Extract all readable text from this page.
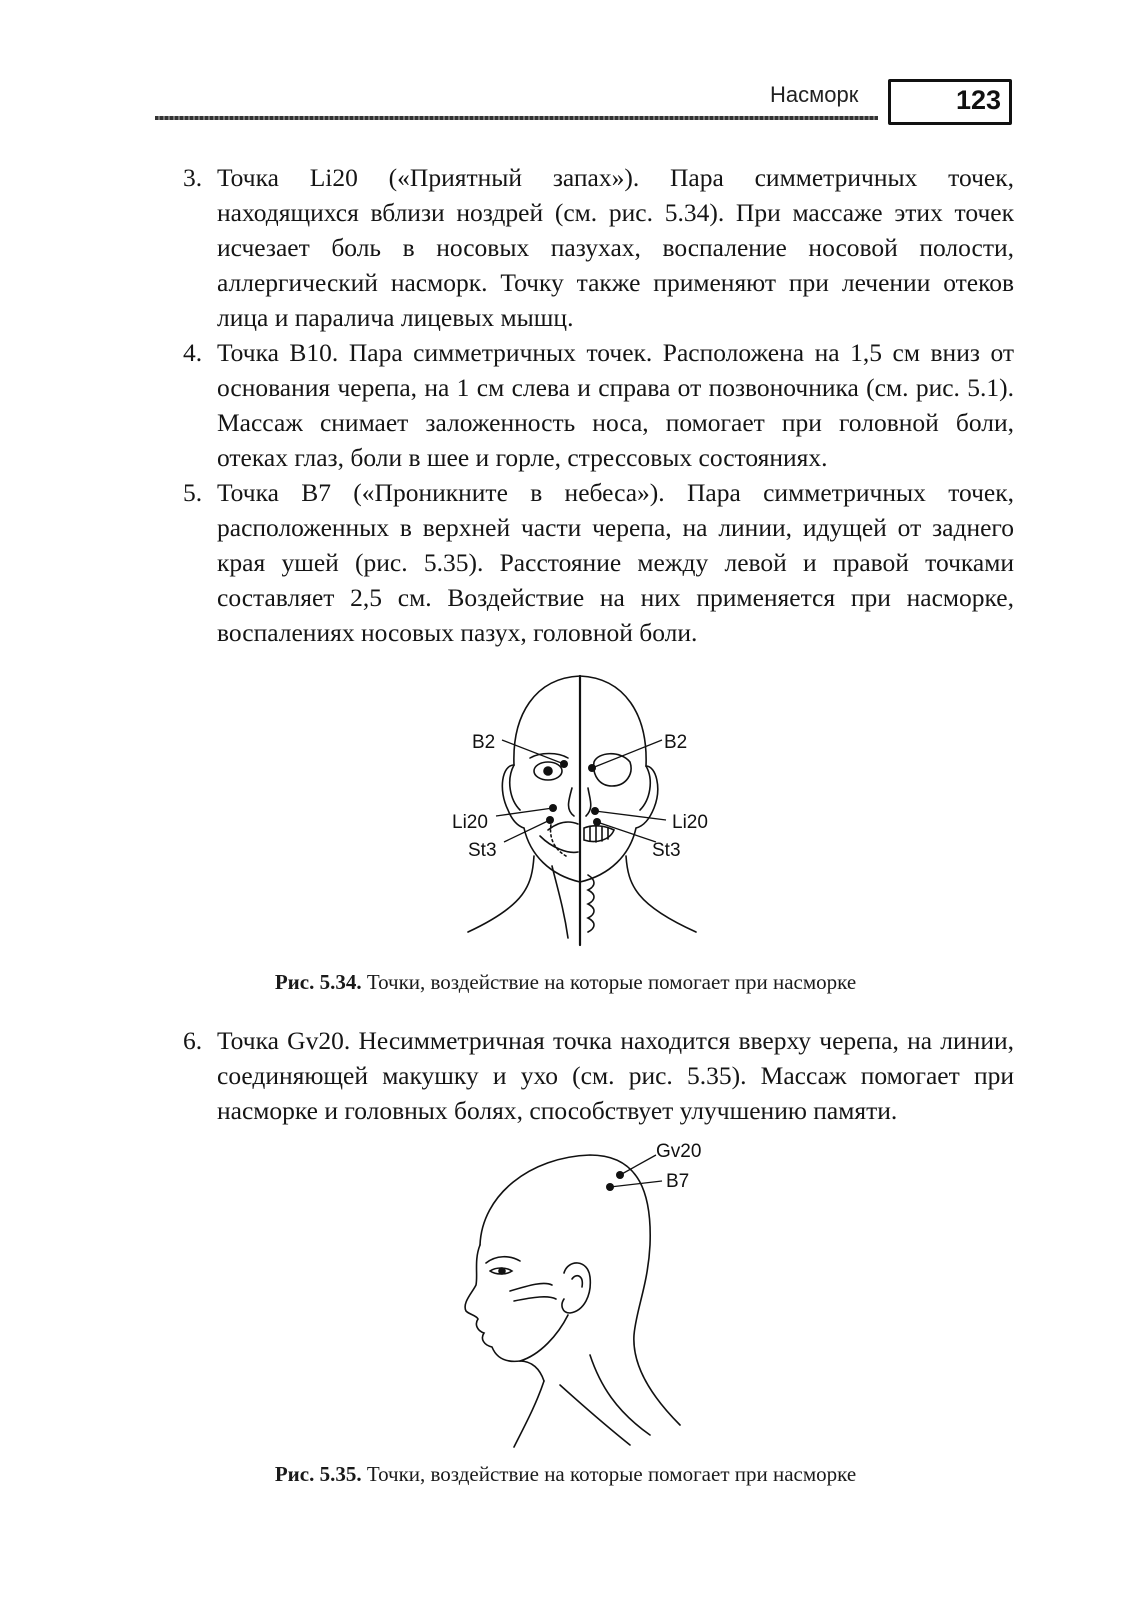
Насморк	123
3. Точка Li20 («Приятный запах»). Пара симметричных точек, находящихся вблизи ноздрей (см. рис. 5.34). При массаже этих точек исчезает боль в носовых пазухах, воспаление носовой полости, аллергический насморк. Точку также применяют при лечении отеков лица и паралича лицевых мышц.
4. Точка B10. Пара симметричных точек. Расположена на 1,5 см вниз от основания черепа, на 1 см слева и справа от позвоночника (см. рис. 5.1). Массаж снимает заложенность носа, помогает при головной боли, отеках глаз, боли в шее и горле, стрессовых состояниях.
5. Точка B7 («Проникните в небеса»). Пара симметричных точек, расположенных в верхней части черепа, на линии, идущей от заднего края ушей (рис. 5.35). Расстояние между левой и правой точками составляет 2,5 см. Воздействие на них применяется при насморке, воспалениях носовых пазух, головной боли.
B2	B2
Li20	Li20
St3	St3
Рис. 5.34. Точки, воздействие на которые помогает при насморке
6. Точка Gv20. Несимметричная точка находится вверху черепа, на линии, соединяющей макушку и ухо (см. рис. 5.35). Массаж помогает при насморке и головных болях, способствует улучшению памяти.
Gv20
B7
Рис. 5.35. Точки, воздействие на которые помогает при насморке
